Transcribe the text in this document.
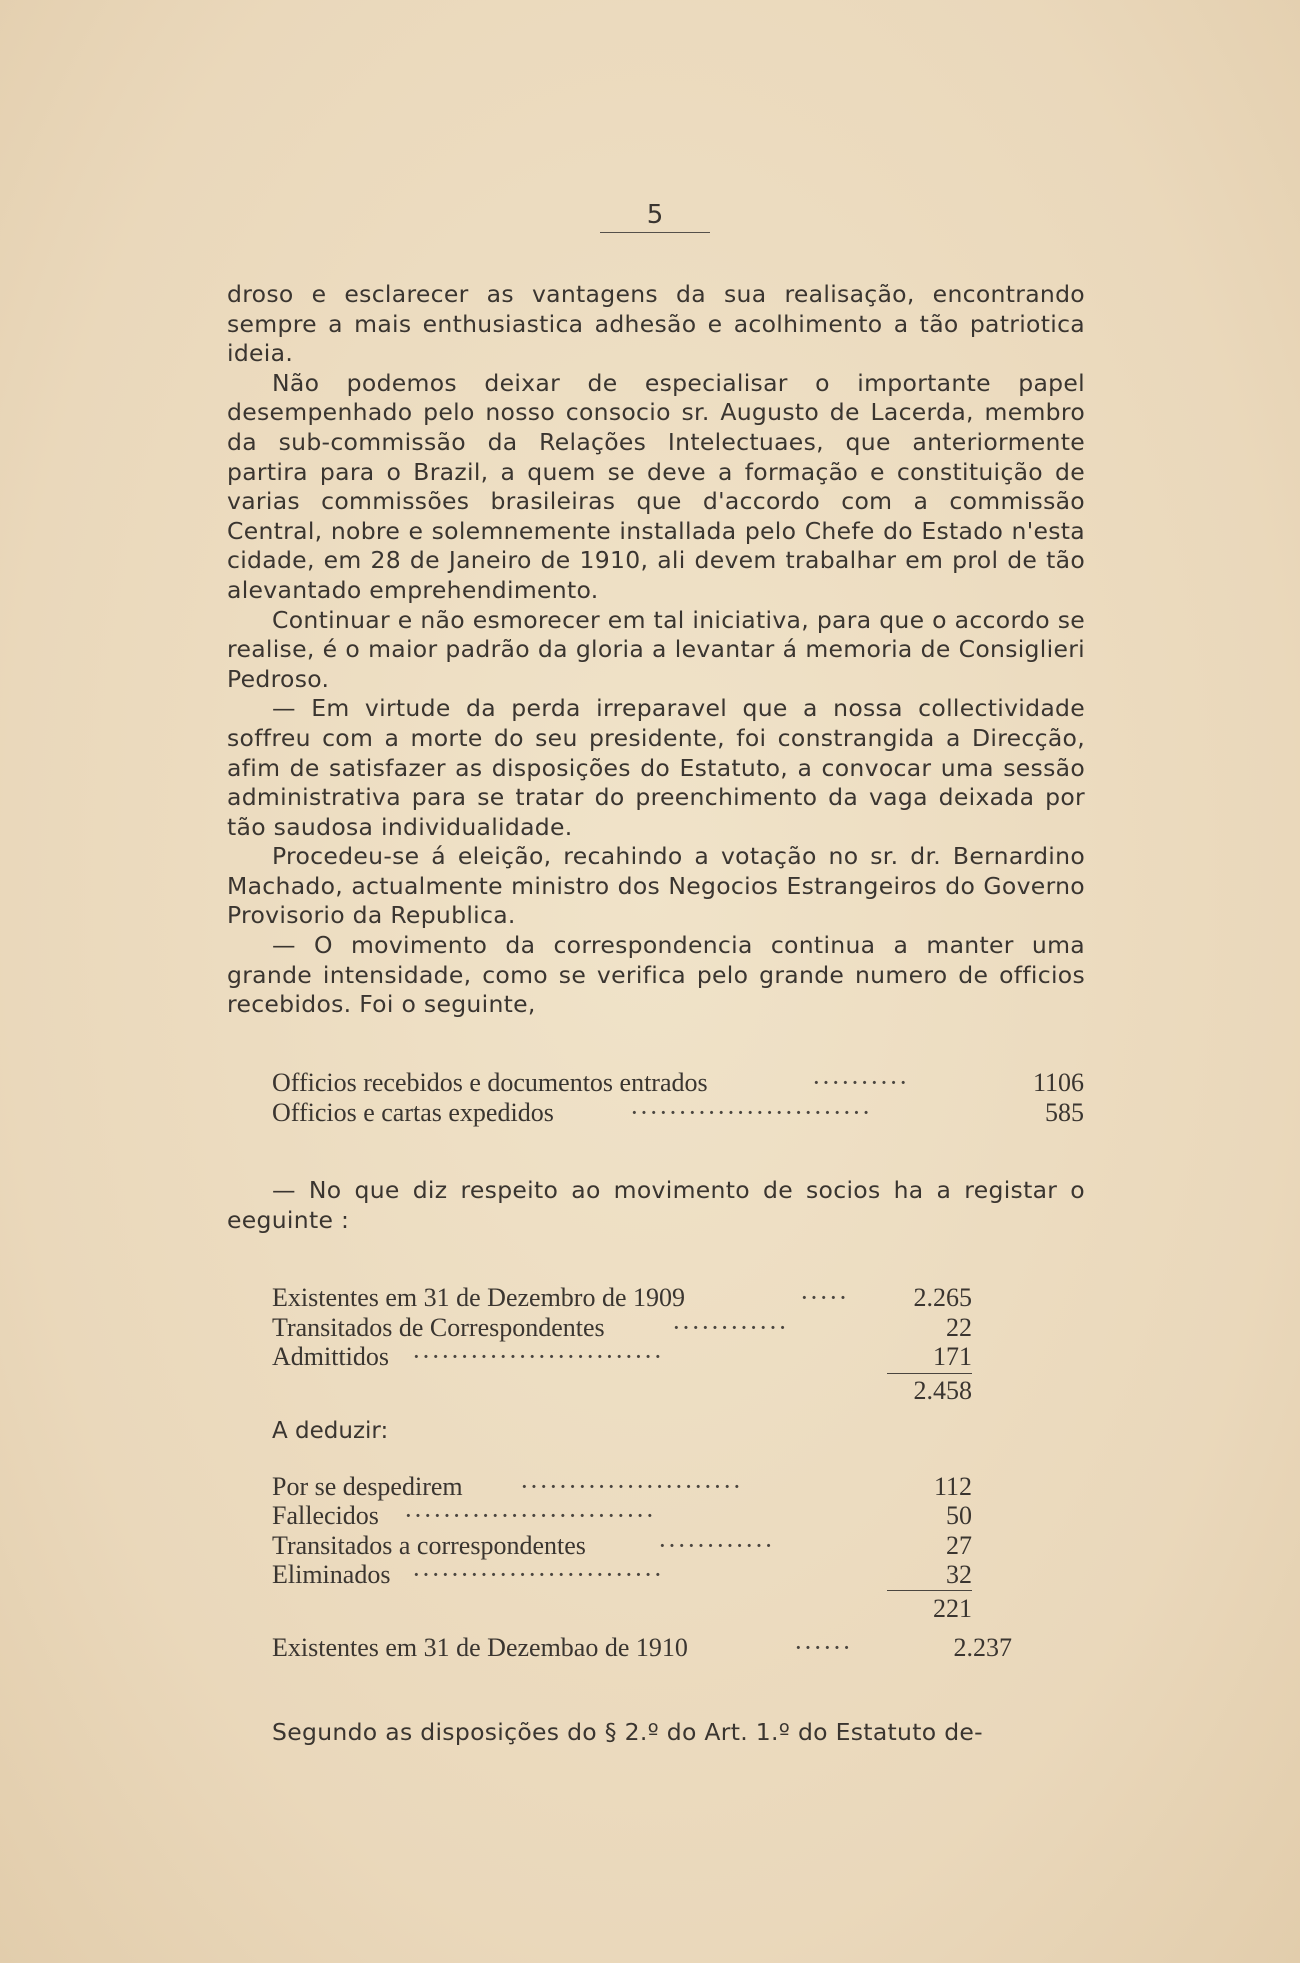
5

droso e esclarecer as vantagens da sua realisação, encontrando sempre a mais enthusiastica adhesão e acolhimento a tão patriotica ideia.

Não podemos deixar de especialisar o importante papel desempenhado pelo nosso consocio sr. Augusto de Lacerda, membro da sub-commissão da Relações Intelectuaes, que anteriormente partira para o Brazil, a quem se deve a formação e constituição de varias commissões brasileiras que d'accordo com a commissão Central, nobre e solemnemente installada pelo Chefe do Estado n'esta cidade, em 28 de Janeiro de 1910, ali devem trabalhar em prol de tão alevantado emprehendimento.

Continuar e não esmorecer em tal iniciativa, para que o accordo se realise, é o maior padrão da gloria a levantar á memoria de Consiglieri Pedroso.

— Em virtude da perda irreparavel que a nossa collectividade soffreu com a morte do seu presidente, foi constrangida a Direcção, afim de satisfazer as disposições do Estatuto, a convocar uma sessão administrativa para se tratar do preenchimento da vaga deixada por tão saudosa individualidade.

Procedeu-se á eleição, recahindo a votação no sr. dr. Bernardino Machado, actualmente ministro dos Negocios Estrangeiros do Governo Provisorio da Republica.

— O movimento da correspondencia continua a manter uma grande intensidade, como se verifica pelo grande numero de officios recebidos. Foi o seguinte,

Officios recebidos e documentos entrados	··········	1106
Officios e cartas expedidos	·························	585

— No que diz respeito ao movimento de socios ha a registar o eeguinte :

Existentes em 31 de Dezembro de 1909	·····	2.265
Transitados de Correspondentes	············	22
Admittidos ··························	171
2.458
A deduzir:
Por se despedirem ·······················	112
Fallecidos ··························	50
Transitados a correspondentes	············	27
Eliminados ··························	32
221
Existentes em 31 de Dezembao de 1910	······	2.237

Segundo as disposições do § 2.º do Art. 1.º do Estatuto de-
